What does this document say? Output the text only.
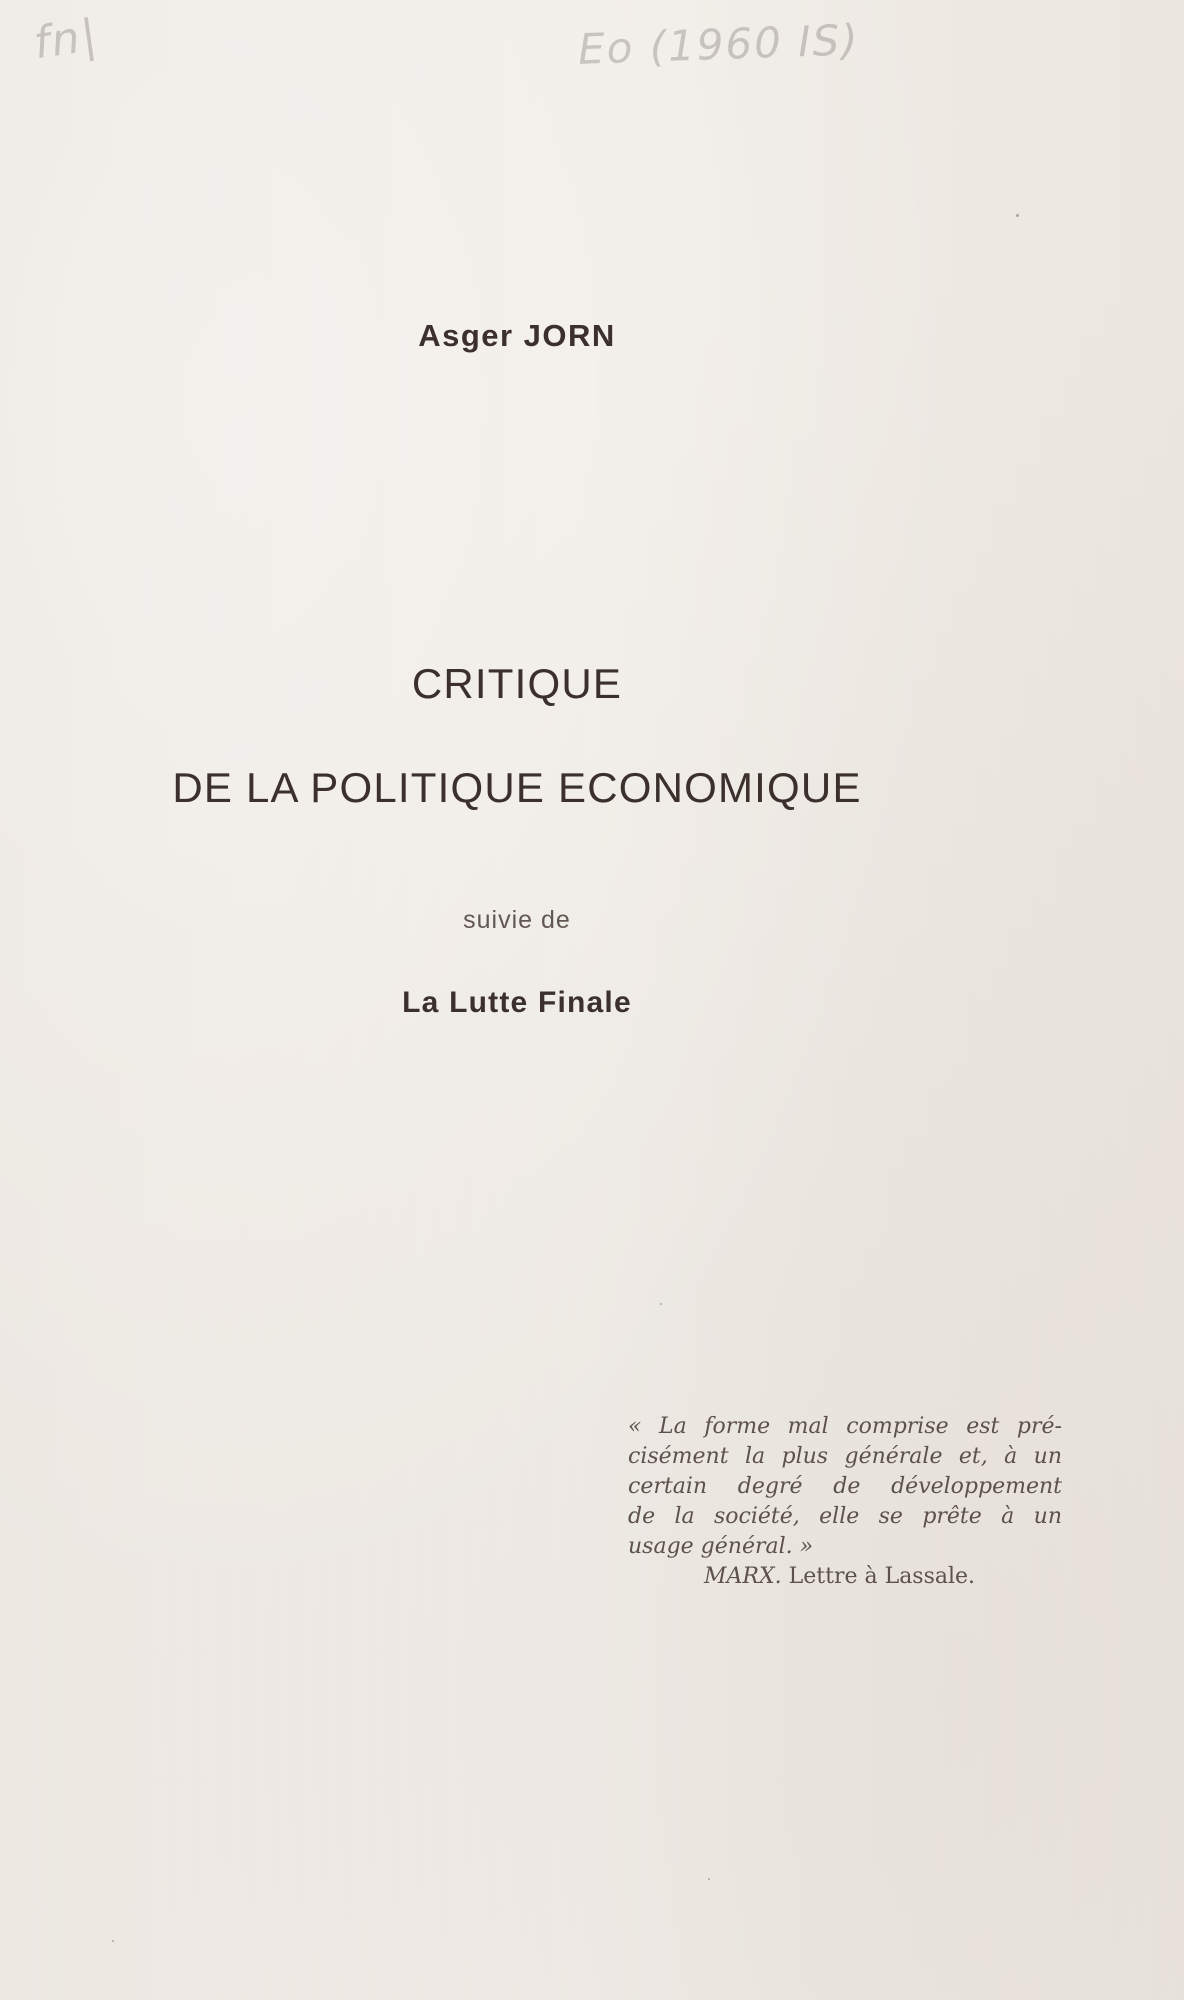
fn|	Eo (1960 IS)
Asger JORN
CRITIQUE
DE LA POLITIQUE ECONOMIQUE
suivie de
La Lutte Finale
« La forme mal comprise est pré-
cisément la plus générale et, à un
certain degré de développement
de la société, elle se prête à un
usage général. »
MARX. Lettre à Lassale.
